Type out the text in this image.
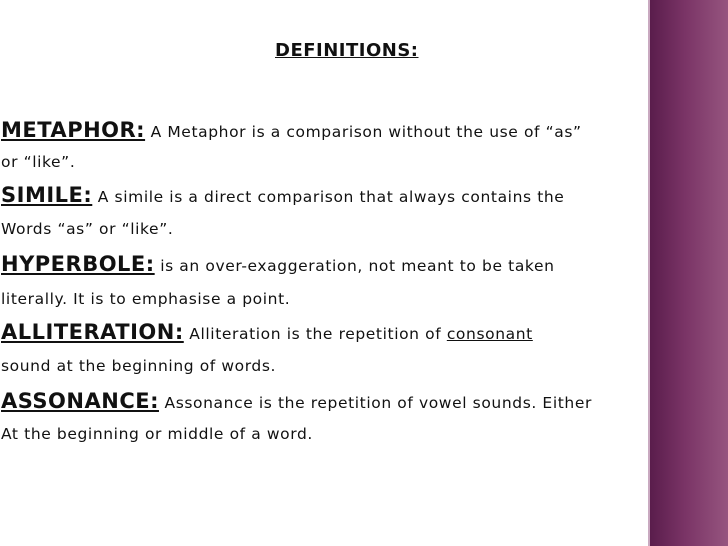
DEFINITIONS:
METAPHOR: A Metaphor is a comparison without the use of “as”
or “like”.
SIMILE: A simile is a direct comparison that always contains the
Words “as” or “like”.
HYPERBOLE: is an over-exaggeration, not meant to be taken
literally. It is to emphasise a point.
ALLITERATION: Alliteration is the repetition of consonant
sound at the beginning of words.
ASSONANCE: Assonance is the repetition of vowel sounds. Either
At the beginning or middle of a word.
